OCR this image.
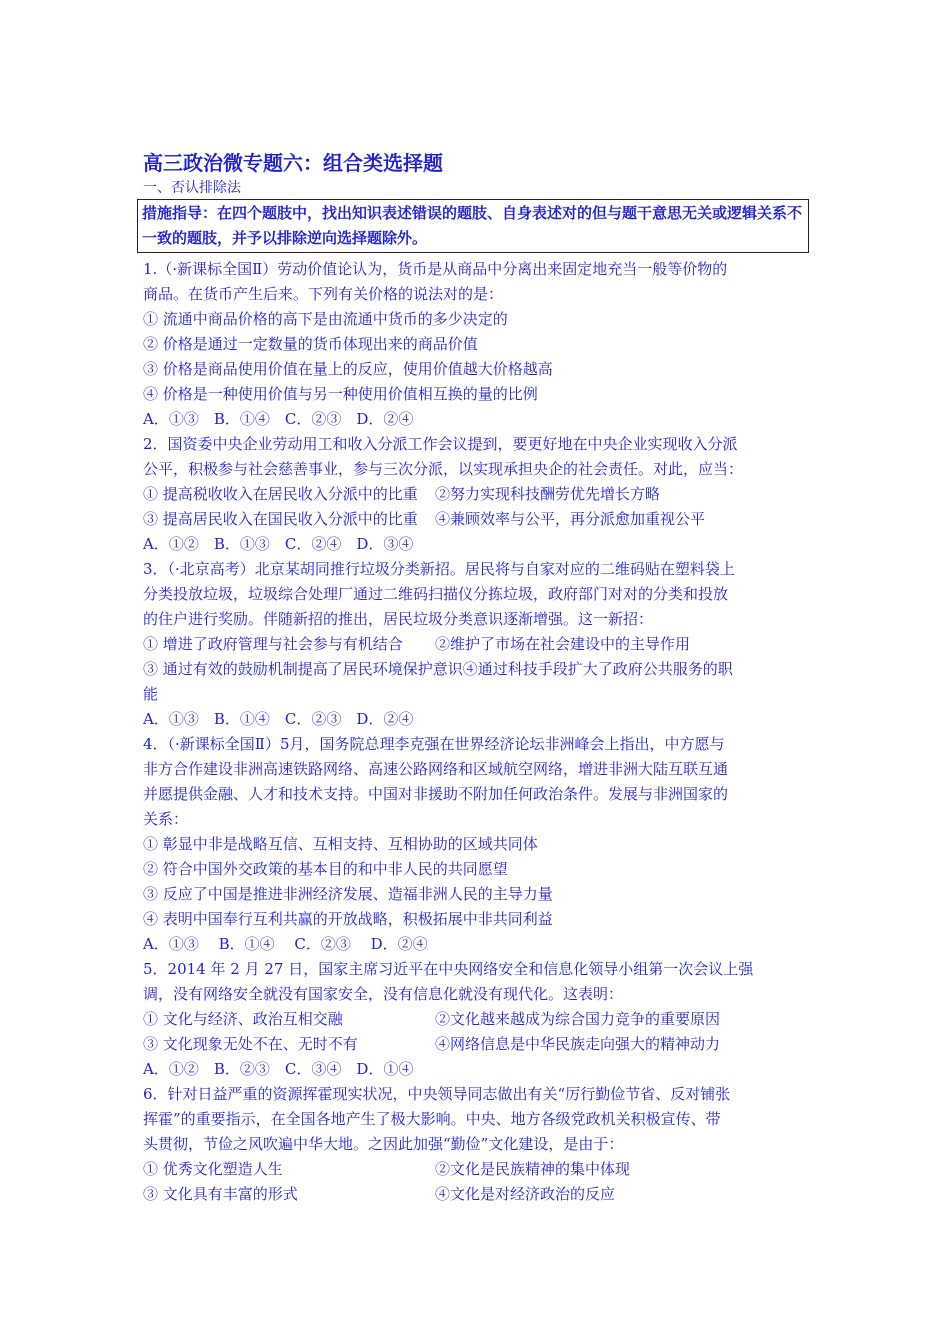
高三政治微专题六：组合类选择题
一、否认排除法
措施指导：在四个题肢中，找出知识表述错误的题肢、自身表述对的但与题干意思无关或逻辑关系不一致的题肢，并予以排除逆向选择题除外。
1.（·新课标全国Ⅱ）劳动价值论认为，货币是从商品中分离出来固定地充当一般等价物的
商品。在货币产生后来。下列有关价格的说法对的是：
① 流通中商品价格的高下是由流通中货币的多少决定的
② 价格是通过一定数量的货币体现出来的商品价值
③ 价格是商品使用价值在量上的反应，使用价值越大价格越高
④ 价格是一种使用价值与另一种使用价值相互换的量的比例
A．①③　B．①④　C．②③　D．②④
2．国资委中央企业劳动用工和收入分派工作会议提到，要更好地在中央企业实现收入分派
公平，积极参与社会慈善事业，参与三次分派，以实现承担央企的社会责任。对此，应当：
① 提高税收收入在居民收入分派中的比重	②努力实现科技酬劳优先增长方略
③ 提高居民收入在国民收入分派中的比重	④兼顾效率与公平，再分派愈加重视公平
A．①②　B．①③　C．②④　D．③④
3．（·北京高考）北京某胡同推行垃圾分类新招。居民将与自家对应的二维码贴在塑料袋上
分类投放垃圾，垃圾综合处理厂通过二维码扫描仪分拣垃圾，政府部门对对的分类和投放
的住户进行奖励。伴随新招的推出，居民垃圾分类意识逐渐增强。这一新招：
① 增进了政府管理与社会参与有机结合	②维护了市场在社会建设中的主导作用
③ 通过有效的鼓励机制提高了居民环境保护意识④通过科技手段扩大了政府公共服务的职
能
A．①③　B．①④　C．②③　D．②④
4．（·新课标全国Ⅱ）5月，国务院总理李克强在世界经济论坛非洲峰会上指出，中方愿与
非方合作建设非洲高速铁路网络、高速公路网络和区域航空网络，增进非洲大陆互联互通
并愿提供金融、人才和技术支持。中国对非援助不附加任何政治条件。发展与非洲国家的
关系：
① 彰显中非是战略互信、互相支持、互相协助的区域共同体
② 符合中国外交政策的基本目的和中非人民的共同愿望
③ 反应了中国是推进非洲经济发展、造福非洲人民的主导力量
④ 表明中国奉行互利共赢的开放战略，积极拓展中非共同利益
A．①③　 B．①④　 C．②③　 D．②④
5．2014 年 2 月 27 日，国家主席习近平在中央网络安全和信息化领导小组第一次会议上强
调，没有网络安全就没有国家安全，没有信息化就没有现代化。这表明：
① 文化与经济、政治互相交融	②文化越来越成为综合国力竞争的重要原因
③ 文化现象无处不在、无时不有	④网络信息是中华民族走向强大的精神动力
A．①②　B．②③　C．③④　D．①④
6．针对日益严重的资源挥霍现实状况，中央领导同志做出有关“厉行勤俭节省、反对铺张
挥霍”的重要指示，在全国各地产生了极大影响。中央、地方各级党政机关积极宣传、带
头贯彻，节俭之风吹遍中华大地。之因此加强“勤俭”文化建设，是由于：
① 优秀文化塑造人生	②文化是民族精神的集中体现
③ 文化具有丰富的形式	④文化是对经济政治的反应
